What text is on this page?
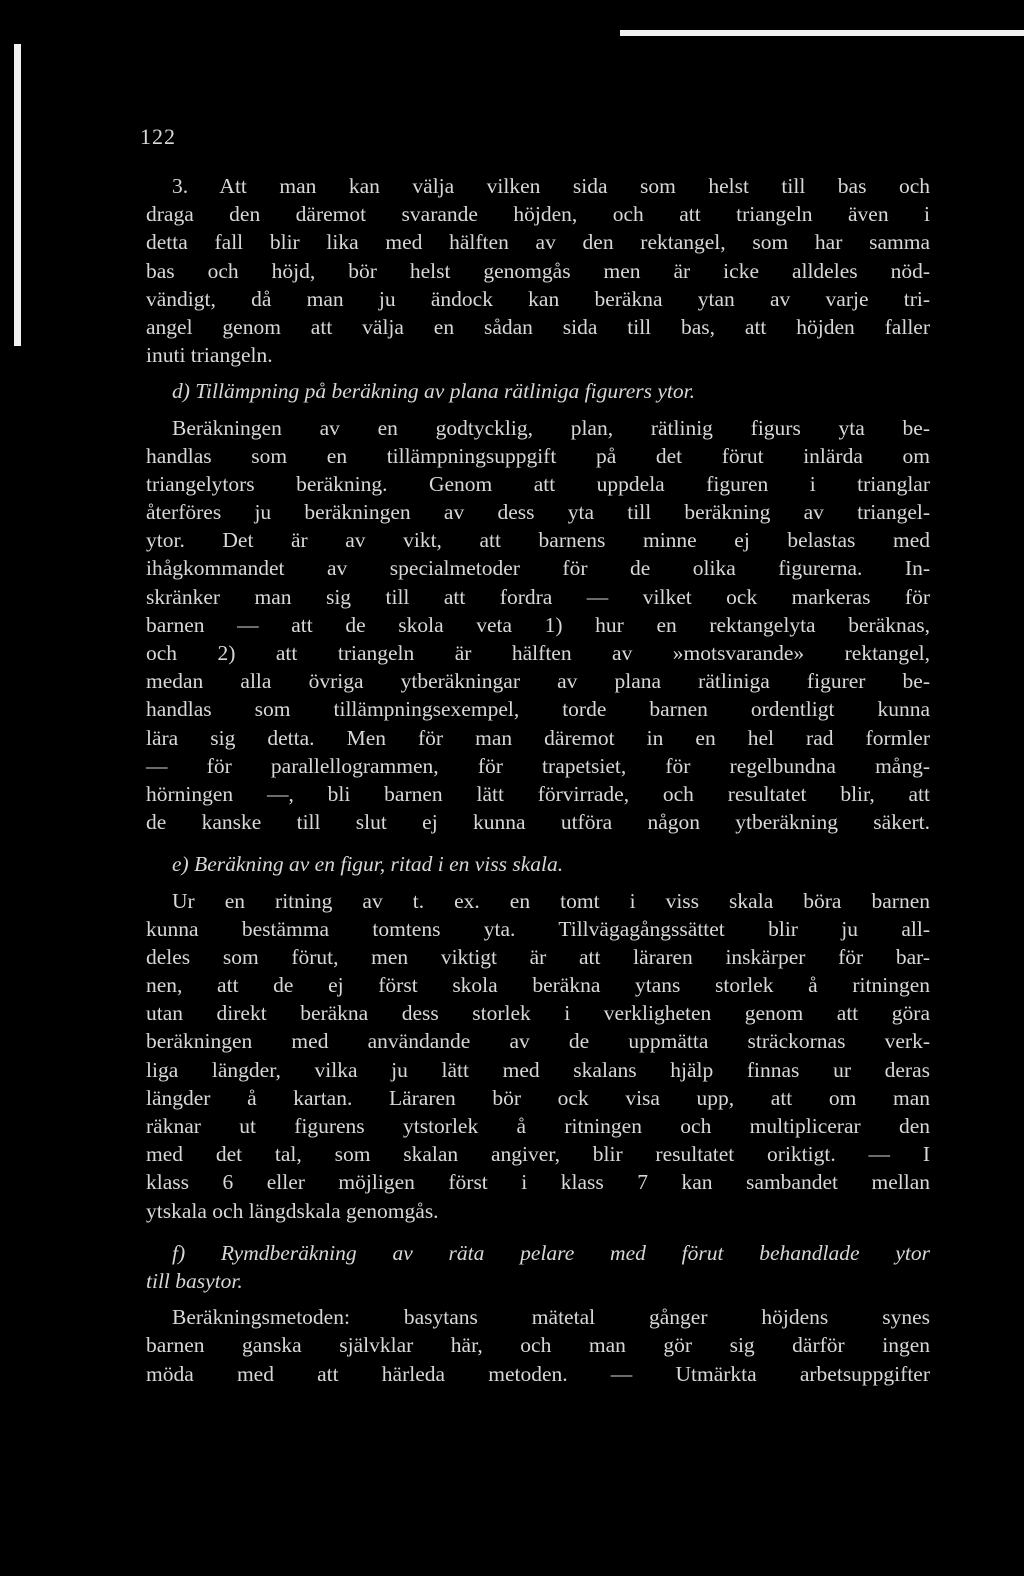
122
3. Att man kan välja vilken sida som helst till bas och
draga den däremot svarande höjden, och att triangeln även i
detta fall blir lika med hälften av den rektangel, som har samma
bas och höjd, bör helst genomgås men är icke alldeles nöd-
vändigt, då man ju ändock kan beräkna ytan av varje tri-
angel genom att välja en sådan sida till bas, att höjden faller
inuti triangeln.
d) Tillämpning på beräkning av plana rätliniga figurers ytor.
Beräkningen av en godtycklig, plan, rätlinig figurs yta be-
handlas som en tillämpningsuppgift på det förut inlärda om
triangelytors beräkning. Genom att uppdela figuren i trianglar
återföres ju beräkningen av dess yta till beräkning av triangel-
ytor. Det är av vikt, att barnens minne ej belastas med
ihågkommandet av specialmetoder för de olika figurerna. In-
skränker man sig till att fordra — vilket ock markeras för
barnen — att de skola veta 1) hur en rektangelyta beräknas,
och 2) att triangeln är hälften av »motsvarande» rektangel,
medan alla övriga ytberäkningar av plana rätliniga figurer be-
handlas som tillämpningsexempel, torde barnen ordentligt kunna
lära sig detta. Men för man däremot in en hel rad formler
— för parallellogrammen, för trapetsiet, för regelbundna mång-
hörningen —, bli barnen lätt förvirrade, och resultatet blir, att
de kanske till slut ej kunna utföra någon ytberäkning säkert.
e) Beräkning av en figur, ritad i en viss skala.
Ur en ritning av t. ex. en tomt i viss skala böra barnen
kunna bestämma tomtens yta. Tillvägagångssättet blir ju all-
deles som förut, men viktigt är att läraren inskärper för bar-
nen, att de ej först skola beräkna ytans storlek å ritningen
utan direkt beräkna dess storlek i verkligheten genom att göra
beräkningen med användande av de uppmätta sträckornas verk-
liga längder, vilka ju lätt med skalans hjälp finnas ur deras
längder å kartan. Läraren bör ock visa upp, att om man
räknar ut figurens ytstorlek å ritningen och multiplicerar den
med det tal, som skalan angiver, blir resultatet oriktigt. — I
klass 6 eller möjligen först i klass 7 kan sambandet mellan
ytskala och längdskala genomgås.
f) Rymdberäkning av räta pelare med förut behandlade ytor
till basytor.
Beräkningsmetoden: basytans mätetal gånger höjdens synes
barnen ganska självklar här, och man gör sig därför ingen
möda med att härleda metoden. — Utmärkta arbetsuppgifter
